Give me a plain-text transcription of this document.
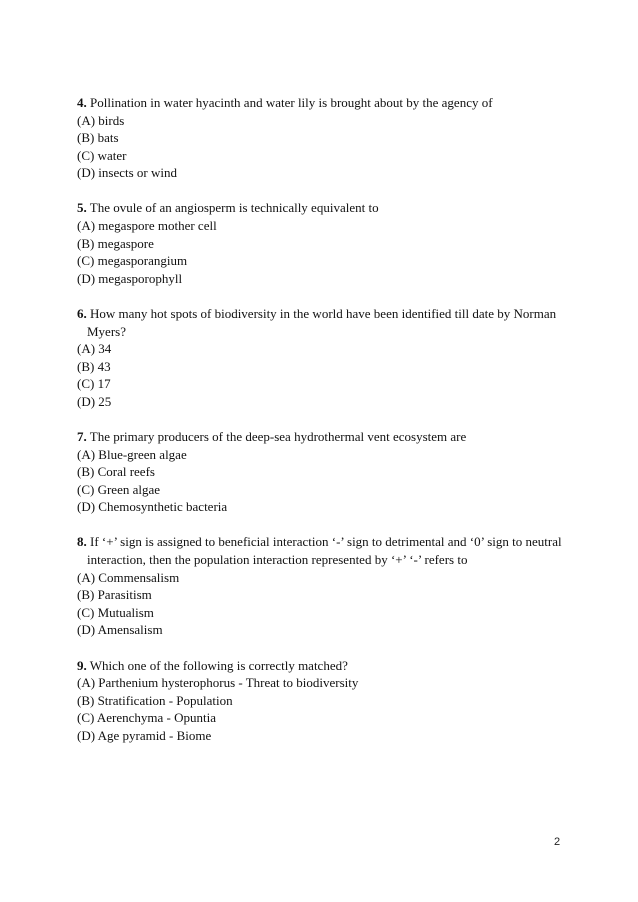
4. Pollination in water hyacinth and water lily is brought about by the agency of
(A) birds
(B) bats
(C) water
(D) insects or wind
5. The ovule of an angiosperm is technically equivalent to
(A) megaspore mother cell
(B) megaspore
(C) megasporangium
(D) megasporophyll
6. How many hot spots of biodiversity in the world have been identified till date by Norman Myers?
(A) 34
(B) 43
(C) 17
(D) 25
7. The primary producers of the deep-sea hydrothermal vent ecosystem are
(A) Blue-green algae
(B) Coral reefs
(C) Green algae
(D) Chemosynthetic bacteria
8. If ‘+’ sign is assigned to beneficial interaction ‘-’ sign to detrimental and ‘0’ sign to neutral interaction, then the population interaction represented by ‘+’ ‘-’ refers to
(A) Commensalism
(B) Parasitism
(C) Mutualism
(D) Amensalism
9. Which one of the following is correctly matched?
(A) Parthenium hysterophorus - Threat to biodiversity
(B) Stratification - Population
(C) Aerenchyma - Opuntia
(D) Age pyramid - Biome
2
